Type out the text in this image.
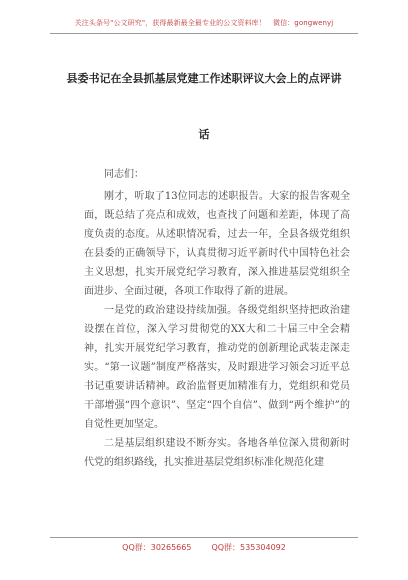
关注头条号"公文研究"，获得最新最全最专业的公文资料库！　微信：gongwenyj
县委书记在全县抓基层党建工作述职评议大会上的点评讲
话

同志们：

刚才，听取了13位同志的述职报告。大家的报告客观全面，既总结了亮点和成效，也查找了问题和差距，体现了高度负责的态度。从述职情况看，过去一年，全县各级党组织在县委的正确领导下，认真贯彻习近平新时代中国特色社会主义思想，扎实开展党纪学习教育，深入推进基层党组织全面进步、全面过硬，各项工作取得了新的进展。

一是党的政治建设持续加强。各级党组织坚持把政治建设摆在首位，深入学习贯彻党的XX大和二十届三中全会精神，扎实开展党纪学习教育，推动党的创新理论武装走深走实。“第一议题”制度严格落实，及时跟进学习领会习近平总书记重要讲话精神。政治监督更加精准有力，党组织和党员干部增强“四个意识”、坚定“四个自信”、做到“两个维护”的自觉性更加坚定。

二是基层组织建设不断夯实。各地各单位深入贯彻新时代党的组织路线，扎实推进基层党组织标准化规范化建

QQ群：30265665	QQ群：535304092
